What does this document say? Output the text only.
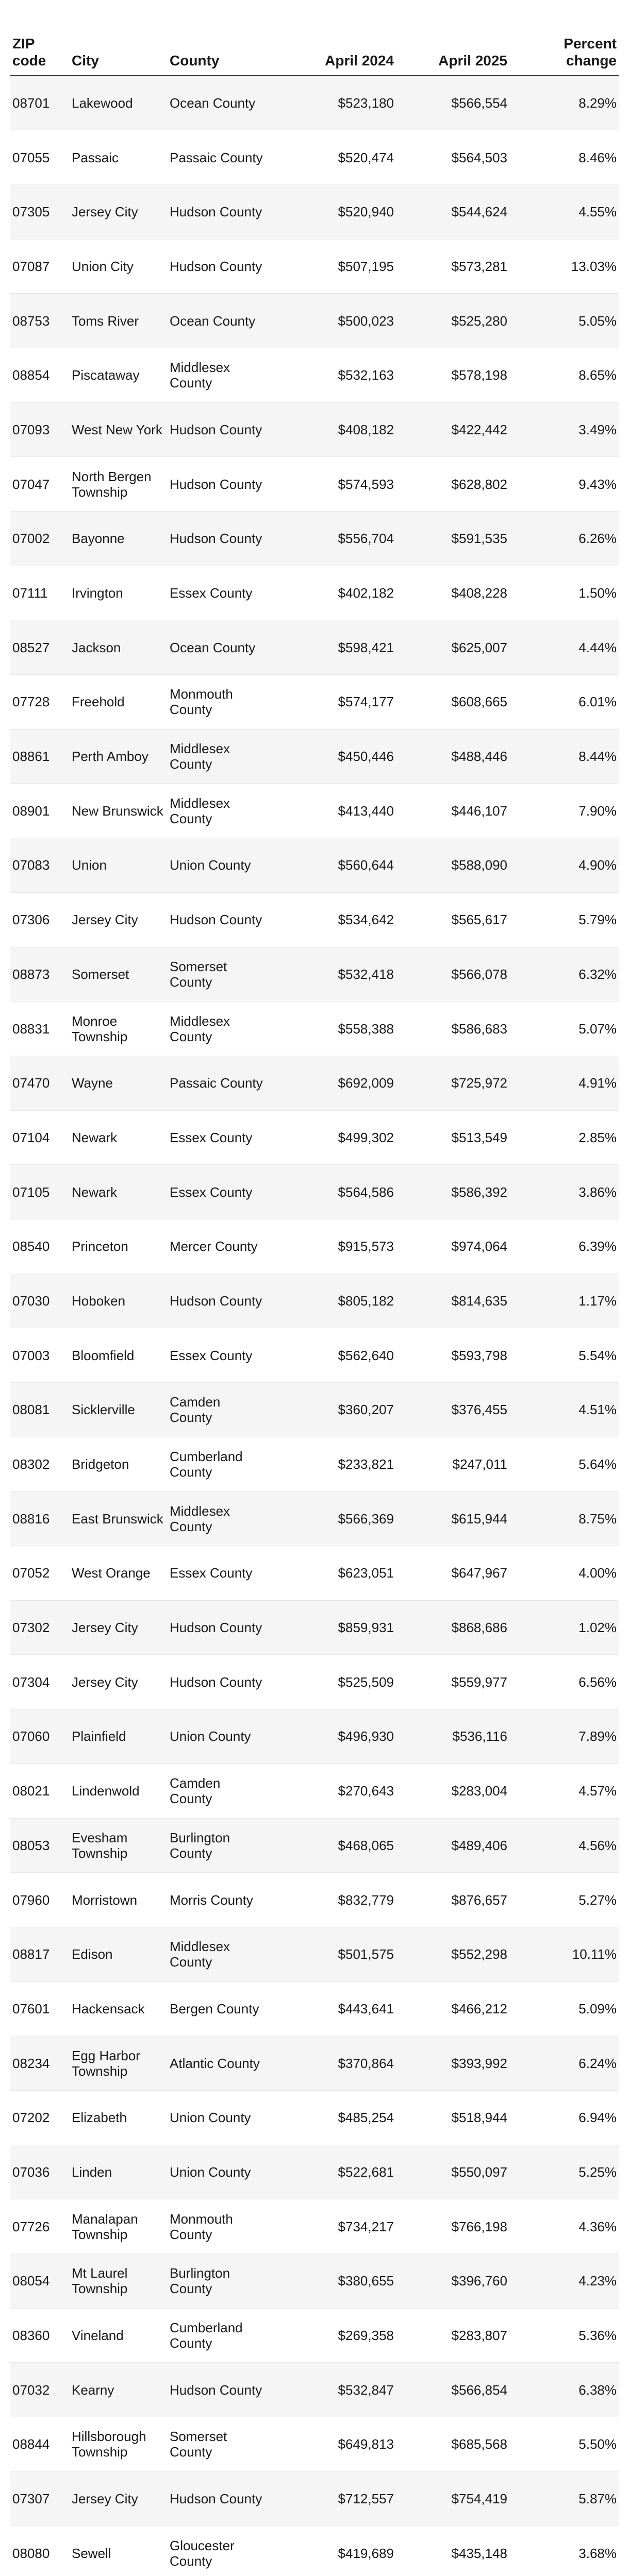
ZIP code	City	County	April 2024	April 2025	Percent change
08701	Lakewood	Ocean County	$523,180	$566,554	8.29%
07055	Passaic	Passaic County	$520,474	$564,503	8.46%
07305	Jersey City	Hudson County	$520,940	$544,624	4.55%
07087	Union City	Hudson County	$507,195	$573,281	13.03%
08753	Toms River	Ocean County	$500,023	$525,280	5.05%
08854	Piscataway	Middlesex County	$532,163	$578,198	8.65%
07093	West New York	Hudson County	$408,182	$422,442	3.49%
07047	North Bergen Township	Hudson County	$574,593	$628,802	9.43%
07002	Bayonne	Hudson County	$556,704	$591,535	6.26%
07111	Irvington	Essex County	$402,182	$408,228	1.50%
08527	Jackson	Ocean County	$598,421	$625,007	4.44%
07728	Freehold	Monmouth County	$574,177	$608,665	6.01%
08861	Perth Amboy	Middlesex County	$450,446	$488,446	8.44%
08901	New Brunswick	Middlesex County	$413,440	$446,107	7.90%
07083	Union	Union County	$560,644	$588,090	4.90%
07306	Jersey City	Hudson County	$534,642	$565,617	5.79%
08873	Somerset	Somerset County	$532,418	$566,078	6.32%
08831	Monroe Township	Middlesex County	$558,388	$586,683	5.07%
07470	Wayne	Passaic County	$692,009	$725,972	4.91%
07104	Newark	Essex County	$499,302	$513,549	2.85%
07105	Newark	Essex County	$564,586	$586,392	3.86%
08540	Princeton	Mercer County	$915,573	$974,064	6.39%
07030	Hoboken	Hudson County	$805,182	$814,635	1.17%
07003	Bloomfield	Essex County	$562,640	$593,798	5.54%
08081	Sicklerville	Camden County	$360,207	$376,455	4.51%
08302	Bridgeton	Cumberland County	$233,821	$247,011	5.64%
08816	East Brunswick	Middlesex County	$566,369	$615,944	8.75%
07052	West Orange	Essex County	$623,051	$647,967	4.00%
07302	Jersey City	Hudson County	$859,931	$868,686	1.02%
07304	Jersey City	Hudson County	$525,509	$559,977	6.56%
07060	Plainfield	Union County	$496,930	$536,116	7.89%
08021	Lindenwold	Camden County	$270,643	$283,004	4.57%
08053	Evesham Township	Burlington County	$468,065	$489,406	4.56%
07960	Morristown	Morris County	$832,779	$876,657	5.27%
08817	Edison	Middlesex County	$501,575	$552,298	10.11%
07601	Hackensack	Bergen County	$443,641	$466,212	5.09%
08234	Egg Harbor Township	Atlantic County	$370,864	$393,992	6.24%
07202	Elizabeth	Union County	$485,254	$518,944	6.94%
07036	Linden	Union County	$522,681	$550,097	5.25%
07726	Manalapan Township	Monmouth County	$734,217	$766,198	4.36%
08054	Mt Laurel Township	Burlington County	$380,655	$396,760	4.23%
08360	Vineland	Cumberland County	$269,358	$283,807	5.36%
07032	Kearny	Hudson County	$532,847	$566,854	6.38%
08844	Hillsborough Township	Somerset County	$649,813	$685,568	5.50%
07307	Jersey City	Hudson County	$712,557	$754,419	5.87%
08080	Sewell	Gloucester County	$419,689	$435,148	3.68%
